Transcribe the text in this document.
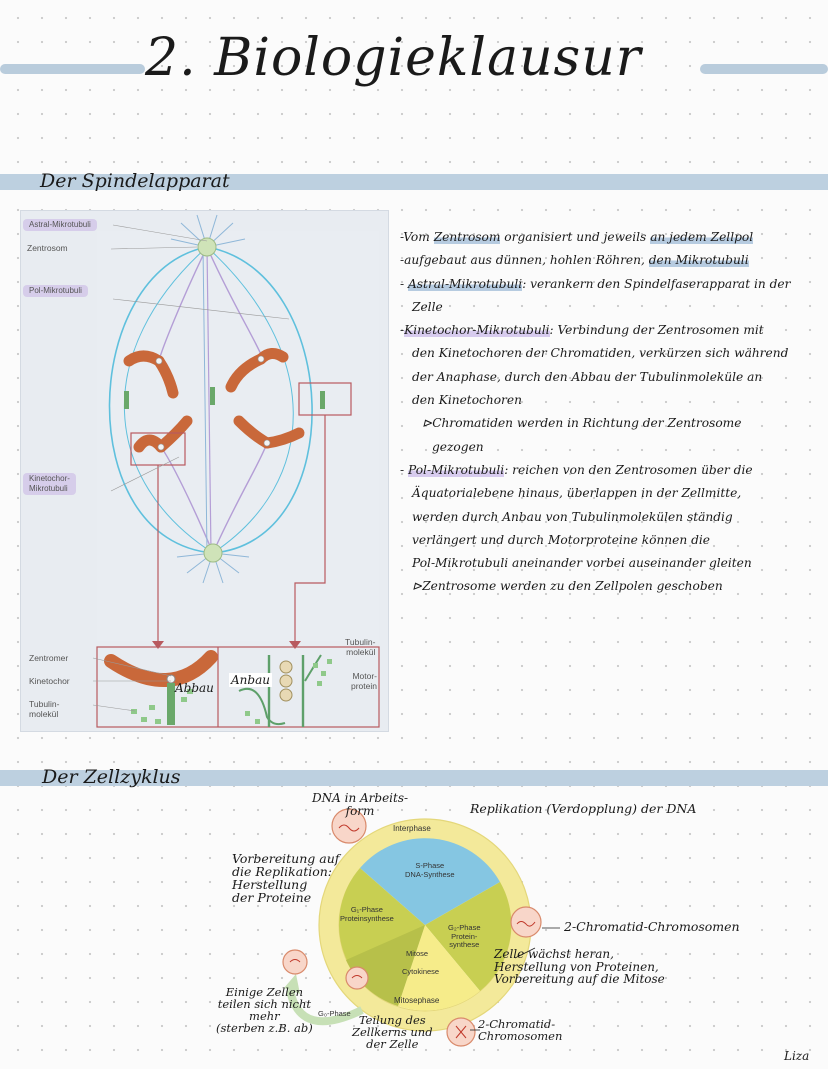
2. Biologieklausur
Der Spindelapparat
Astral-Mikrotubuli
Zentrosom
Pol-Mikrotubuli
Kinetochor-
Mikrotubuli
Zentromer
Kinetochor
Tubulin-
molekül
Tubulin-
molekül
Motor-
protein
Abbau
Anbau

-Vom Zentrosom organisiert und jeweils an jedem Zellpol

-aufgebaut aus dünnen, hohlen Röhren, den Mikrotubuli

- Astral-Mikrotubuli: verankern den Spindelfaserapparat in der

Zelle

-Kinetochor-Mikrotubuli: Verbindung der Zentrosomen mit

den Kinetochoren der Chromatiden, verkürzen sich während

der Anaphase, durch den Abbau der Tubulinmoleküle an

den Kinetochoren

⊳Chromatiden werden in Richtung der Zentrosome

gezogen

- Pol-Mikrotubuli: reichen von den Zentrosomen über die

Äquatorialebene hinaus, überlappen in der Zellmitte,

werden durch Anbau von Tubulinmolekülen ständig

verlängert und durch Motorproteine können die

Pol-Mikrotubuli aneinander vorbei auseinander gleiten

⊳Zentrosome werden zu den Zellpolen geschoben

Der Zellzyklus
Interphase
S-Phase
DNA-Synthese
G₁-Phase
Proteinsynthese
G₂-Phase
Protein-
synthese
Mitose
Cytokinese
Mitosephase
G₀-Phase
DNA in Arbeits-
form	Replikation (Verdopplung) der DNA
Vorbereitung auf
die Replikation:
Herstellung
der Proteine
2-Chromatid-Chromosomen
Zelle wächst heran,
Herstellung von Proteinen,
Vorbereitung auf die Mitose
Einige Zellen
teilen sich nicht
mehr
(sterben z.B. ab)
Teilung des
Zellkerns und
der Zelle
2-Chromatid-
Chromosomen
Liza
